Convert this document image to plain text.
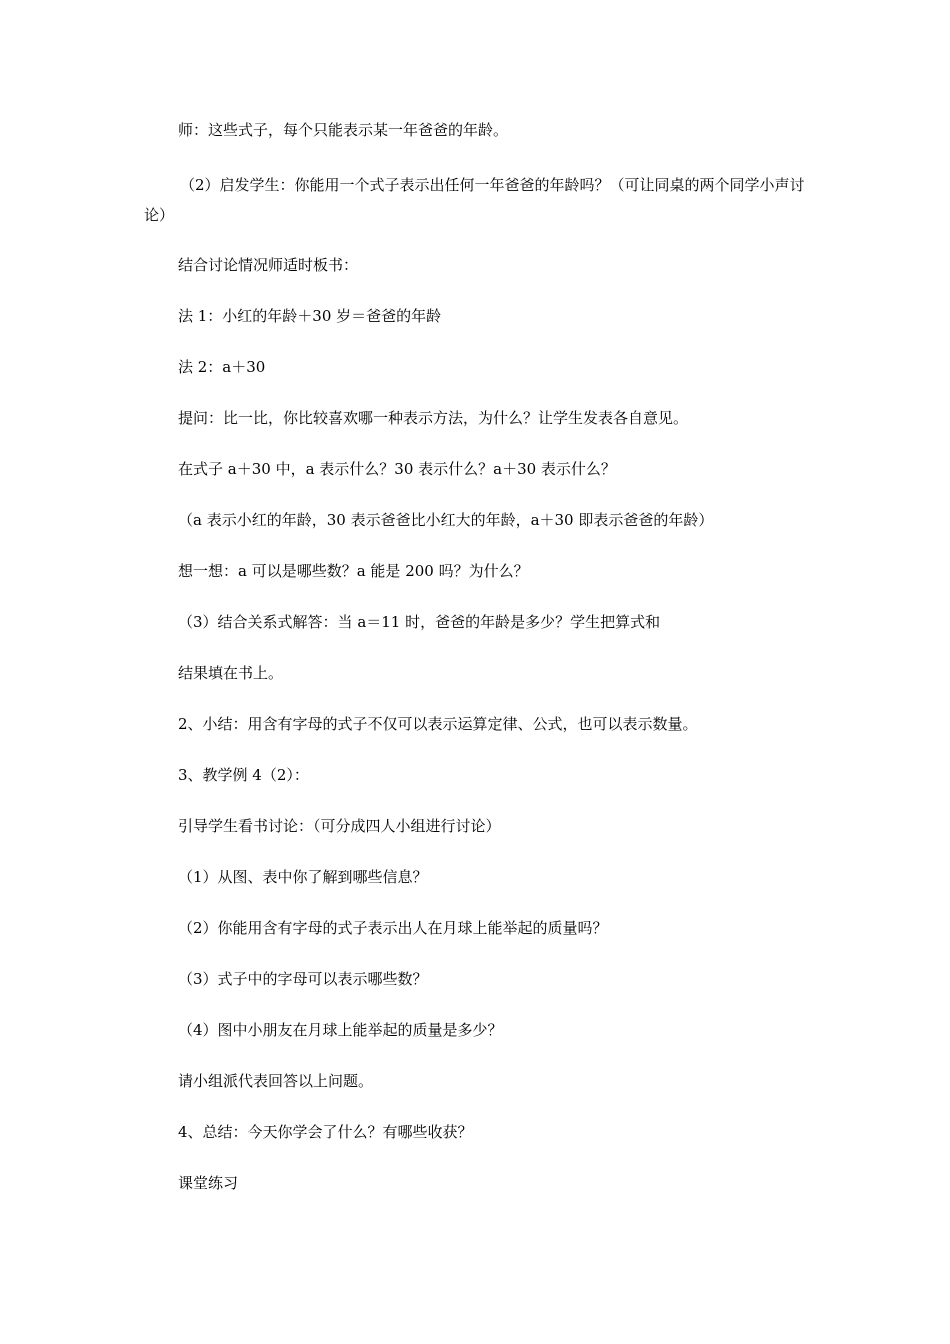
师：这些式子，每个只能表示某一年爸爸的年龄。

（2）启发学生：你能用一个式子表示出任何一年爸爸的年龄吗？（可让同桌的两个同学小声讨论）

结合讨论情况师适时板书：

法 1：小红的年龄＋30 岁＝爸爸的年龄

法 2：a＋30

提问：比一比，你比较喜欢哪一种表示方法，为什么？让学生发表各自意见。

在式子 a＋30 中，a 表示什么？30 表示什么？a＋30 表示什么？

（a 表示小红的年龄，30 表示爸爸比小红大的年龄，a＋30 即表示爸爸的年龄）

想一想：a 可以是哪些数？a 能是 200 吗？为什么？

（3）结合关系式解答：当 a＝11 时，爸爸的年龄是多少？学生把算式和

结果填在书上。

2、小结：用含有字母的式子不仅可以表示运算定律、公式，也可以表示数量。

3、教学例 4（2）：

引导学生看书讨论：（可分成四人小组进行讨论）

（1）从图、表中你了解到哪些信息？

（2）你能用含有字母的式子表示出人在月球上能举起的质量吗？

（3）式子中的字母可以表示哪些数？

（4）图中小朋友在月球上能举起的质量是多少？

请小组派代表回答以上问题。

4、总结：今天你学会了什么？有哪些收获？

课堂练习
